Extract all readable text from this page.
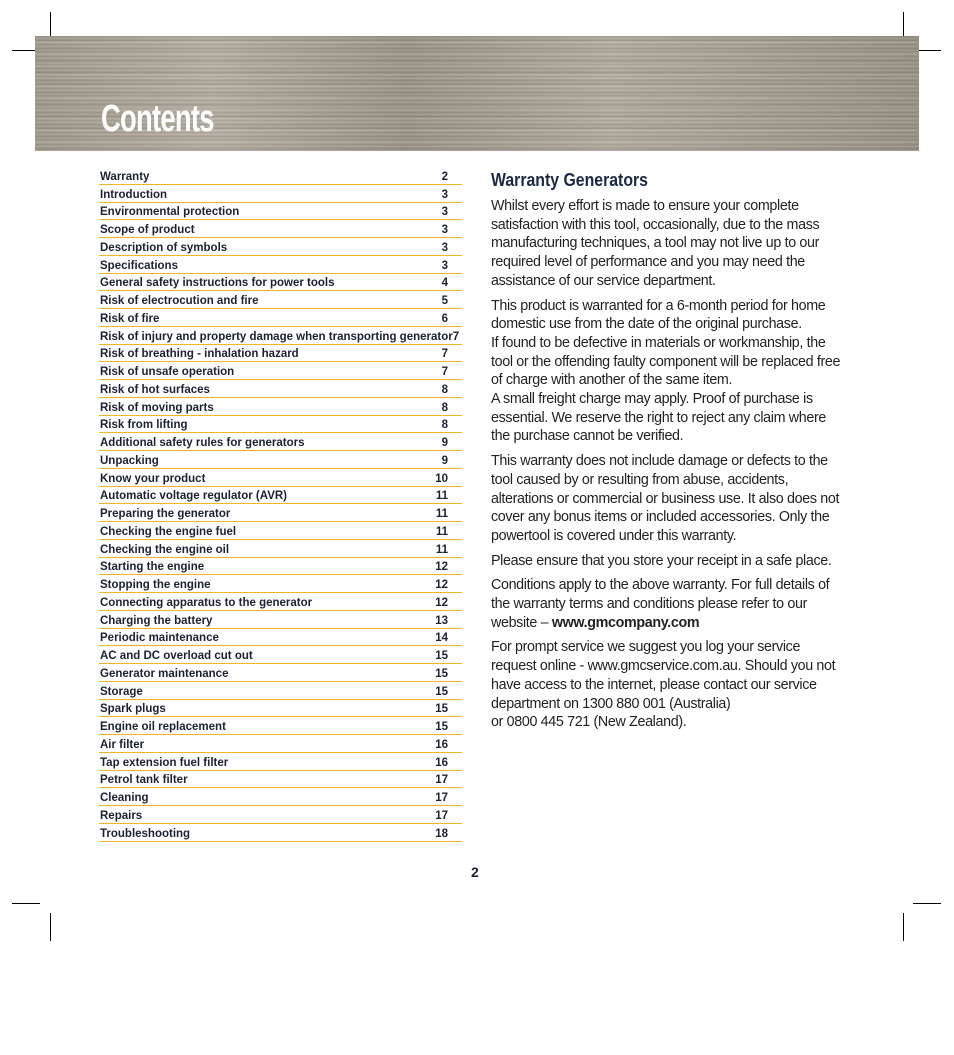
Contents
Warranty	2
Introduction	3
Environmental protection	3
Scope of product	3
Description of symbols	3
Specifications	3
General safety instructions for power tools	4
Risk of electrocution and fire	5
Risk of fire	6
Risk of injury and property damage when transporting generator 7
Risk of breathing - inhalation hazard	7
Risk of unsafe operation	7
Risk of hot surfaces	8
Risk of moving parts	8
Risk from lifting	8
Additional safety rules for generators	9
Unpacking	9
Know your product	10
Automatic voltage regulator (AVR)	11
Preparing the generator	11
Checking the engine fuel	11
Checking the engine oil	11
Starting the engine	12
Stopping the engine	12
Connecting apparatus to the generator	12
Charging the battery	13
Periodic maintenance	14
AC and DC overload cut out	15
Generator maintenance	15
Storage	15
Spark plugs	15
Engine oil replacement	15
Air filter	16
Tap extension fuel filter	16
Petrol tank filter	17
Cleaning	17
Repairs	17
Troubleshooting	18
Warranty Generators

Whilst every effort is made to ensure your complete satisfaction with this tool, occasionally, due to the mass manufacturing techniques, a tool may not live up to our required level of performance and you may need the assistance of our service department.

This product is warranted for a 6-month period for home domestic use from the date of the original purchase.
If found to be defective in materials or workmanship, the tool or the offending faulty component will be replaced free of charge with another of the same item.
A small freight charge may apply. Proof of purchase is essential. We reserve the right to reject any claim where the purchase cannot be verified.

This warranty does not include damage or defects to the tool caused by or resulting from abuse, accidents, alterations or commercial or business use. It also does not cover any bonus items or included accessories. Only the powertool is covered under this warranty.

Please ensure that you store your receipt in a safe place.

Conditions apply to the above warranty. For full details of the warranty terms and conditions please refer to our website – www.gmcompany.com

For prompt service we suggest you log your service request online - www.gmcservice.com.au. Should you not have access to the internet, please contact our service department on 1300 880 001 (Australia)
or 0800 445 721 (New Zealand).

2
